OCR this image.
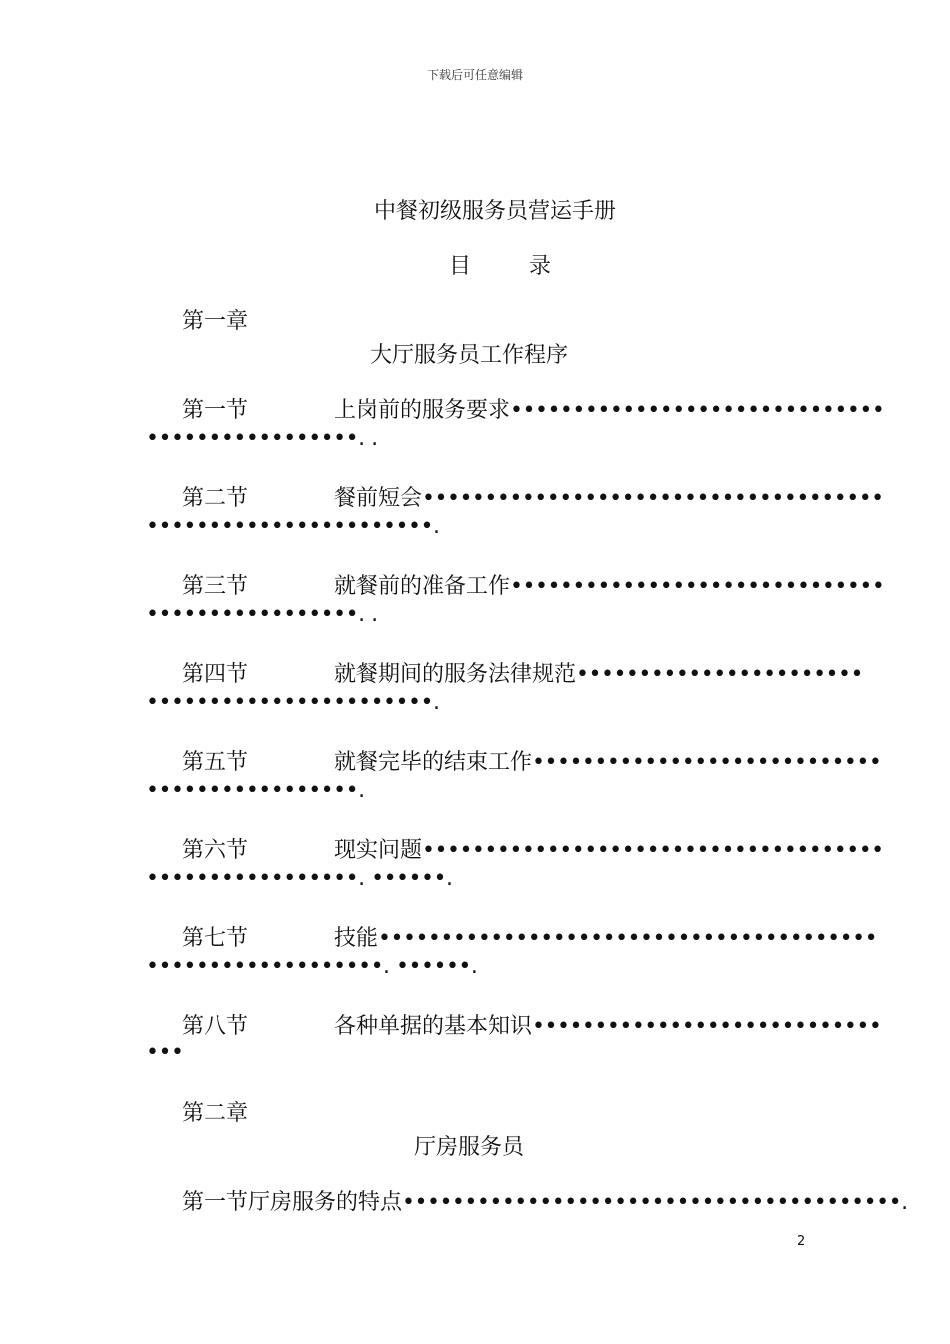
下载后可任意编辑
中餐初级服务员营运手册
目	录
第一章
大厅服务员工作程序
第一节	上岗前的服务要求••••••••••••••••••••••••••••••
•••••••••••••••••. .
第二节	餐前短会•••••••••••••••••••••••••••••••••••••
•••••••••••••••••••••••.
第三节	就餐前的准备工作••••••••••••••••••••••••••••••
•••••••••••••••••. .
第四节	就餐期间的服务法律规范•••••••••••••••••••••••
•••••••••••••••••••••••.
第五节	就餐完毕的结束工作••••••••••••••••••••••••••••
•••••••••••••••••.
第六节	现实问题•••••••••••••••••••••••••••••••••••••
•••••••••••••••••. ••••••.
第七节	技能••••••••••••••••••••••••••••••••••••••••
•••••••••••••••••••. ••••••.
第八节	各种单据的基本知识••••••••••••••••••••••••••••
•••
第二章
厅房服务员
第一节厅房服务的特点••••••••••••••••••••••••••••••••••••••••.
2
